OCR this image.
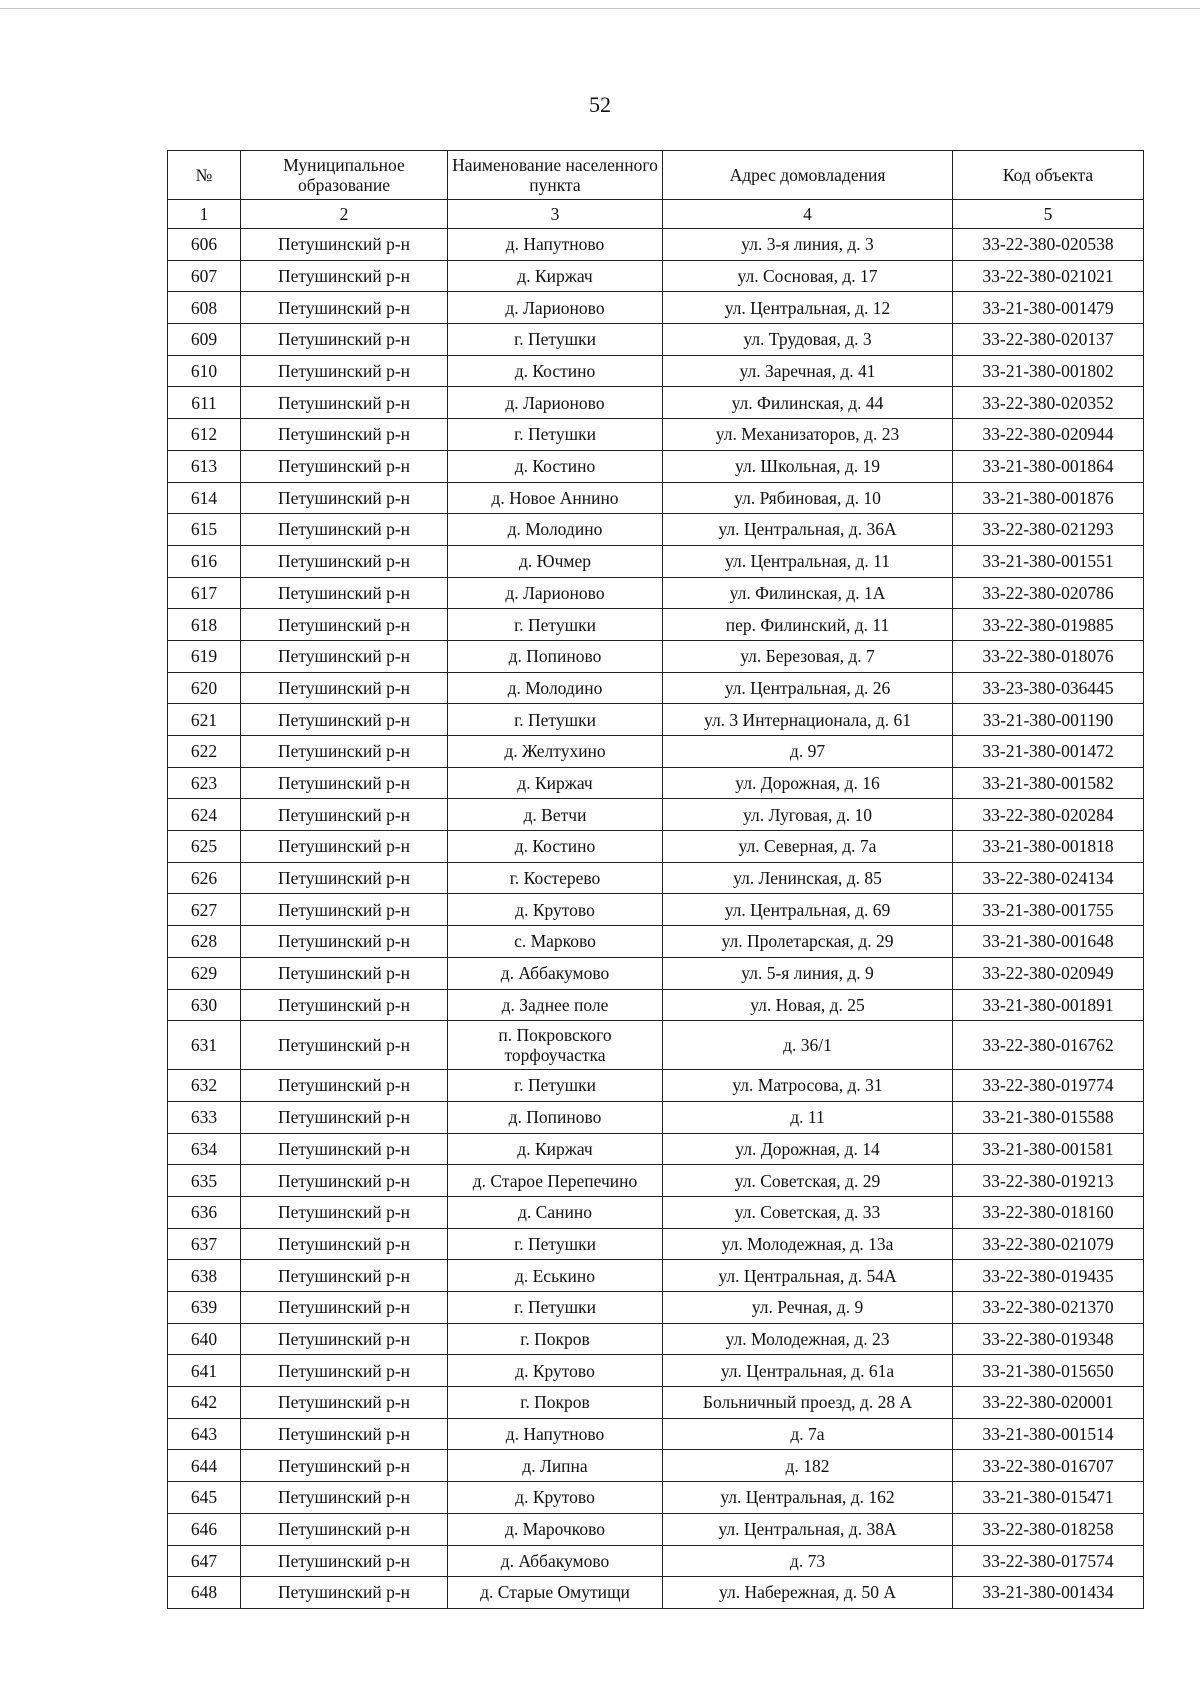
52
№	Муниципальное образование	Наименование населенного пункта	Адрес домовладения	Код объекта
1	2	3	4	5
606	Петушинский р-н	д. Напутново	ул. 3-я линия, д. 3	33-22-380-020538
607	Петушинский р-н	д. Киржач	ул. Сосновая, д. 17	33-22-380-021021
608	Петушинский р-н	д. Ларионово	ул. Центральная, д. 12	33-21-380-001479
609	Петушинский р-н	г. Петушки	ул. Трудовая, д. 3	33-22-380-020137
610	Петушинский р-н	д. Костино	ул. Заречная, д. 41	33-21-380-001802
611	Петушинский р-н	д. Ларионово	ул. Филинская, д. 44	33-22-380-020352
612	Петушинский р-н	г. Петушки	ул. Механизаторов, д. 23	33-22-380-020944
613	Петушинский р-н	д. Костино	ул. Школьная, д. 19	33-21-380-001864
614	Петушинский р-н	д. Новое Аннино	ул. Рябиновая, д. 10	33-21-380-001876
615	Петушинский р-н	д. Молодино	ул. Центральная, д. 36А	33-22-380-021293
616	Петушинский р-н	д. Ючмер	ул. Центральная, д. 11	33-21-380-001551
617	Петушинский р-н	д. Ларионово	ул. Филинская, д. 1А	33-22-380-020786
618	Петушинский р-н	г. Петушки	пер. Филинский, д. 11	33-22-380-019885
619	Петушинский р-н	д. Попиново	ул. Березовая, д. 7	33-22-380-018076
620	Петушинский р-н	д. Молодино	ул. Центральная, д. 26	33-23-380-036445
621	Петушинский р-н	г. Петушки	ул. 3 Интернационала, д. 61	33-21-380-001190
622	Петушинский р-н	д. Желтухино	д. 97	33-21-380-001472
623	Петушинский р-н	д. Киржач	ул. Дорожная, д. 16	33-21-380-001582
624	Петушинский р-н	д. Ветчи	ул. Луговая, д. 10	33-22-380-020284
625	Петушинский р-н	д. Костино	ул. Северная, д. 7а	33-21-380-001818
626	Петушинский р-н	г. Костерево	ул. Ленинская, д. 85	33-22-380-024134
627	Петушинский р-н	д. Крутово	ул. Центральная, д. 69	33-21-380-001755
628	Петушинский р-н	с. Марково	ул. Пролетарская, д. 29	33-21-380-001648
629	Петушинский р-н	д. Аббакумово	ул. 5-я линия, д. 9	33-22-380-020949
630	Петушинский р-н	д. Заднее поле	ул. Новая, д. 25	33-21-380-001891
631	Петушинский р-н	п. Покровского торфоучастка	д. 36/1	33-22-380-016762
632	Петушинский р-н	г. Петушки	ул. Матросова, д. 31	33-22-380-019774
633	Петушинский р-н	д. Попиново	д. 11	33-21-380-015588
634	Петушинский р-н	д. Киржач	ул. Дорожная, д. 14	33-21-380-001581
635	Петушинский р-н	д. Старое Перепечино	ул. Советская, д. 29	33-22-380-019213
636	Петушинский р-н	д. Санино	ул. Советская, д. 33	33-22-380-018160
637	Петушинский р-н	г. Петушки	ул. Молодежная, д. 13а	33-22-380-021079
638	Петушинский р-н	д. Еськино	ул. Центральная, д. 54А	33-22-380-019435
639	Петушинский р-н	г. Петушки	ул. Речная, д. 9	33-22-380-021370
640	Петушинский р-н	г. Покров	ул. Молодежная, д. 23	33-22-380-019348
641	Петушинский р-н	д. Крутово	ул. Центральная, д. 61а	33-21-380-015650
642	Петушинский р-н	г. Покров	Больничный проезд, д. 28 А	33-22-380-020001
643	Петушинский р-н	д. Напутново	д. 7а	33-21-380-001514
644	Петушинский р-н	д. Липна	д. 182	33-22-380-016707
645	Петушинский р-н	д. Крутово	ул. Центральная, д. 162	33-21-380-015471
646	Петушинский р-н	д. Марочково	ул. Центральная, д. 38А	33-22-380-018258
647	Петушинский р-н	д. Аббакумово	д. 73	33-22-380-017574
648	Петушинский р-н	д. Старые Омутищи	ул. Набережная, д. 50 А	33-21-380-001434
